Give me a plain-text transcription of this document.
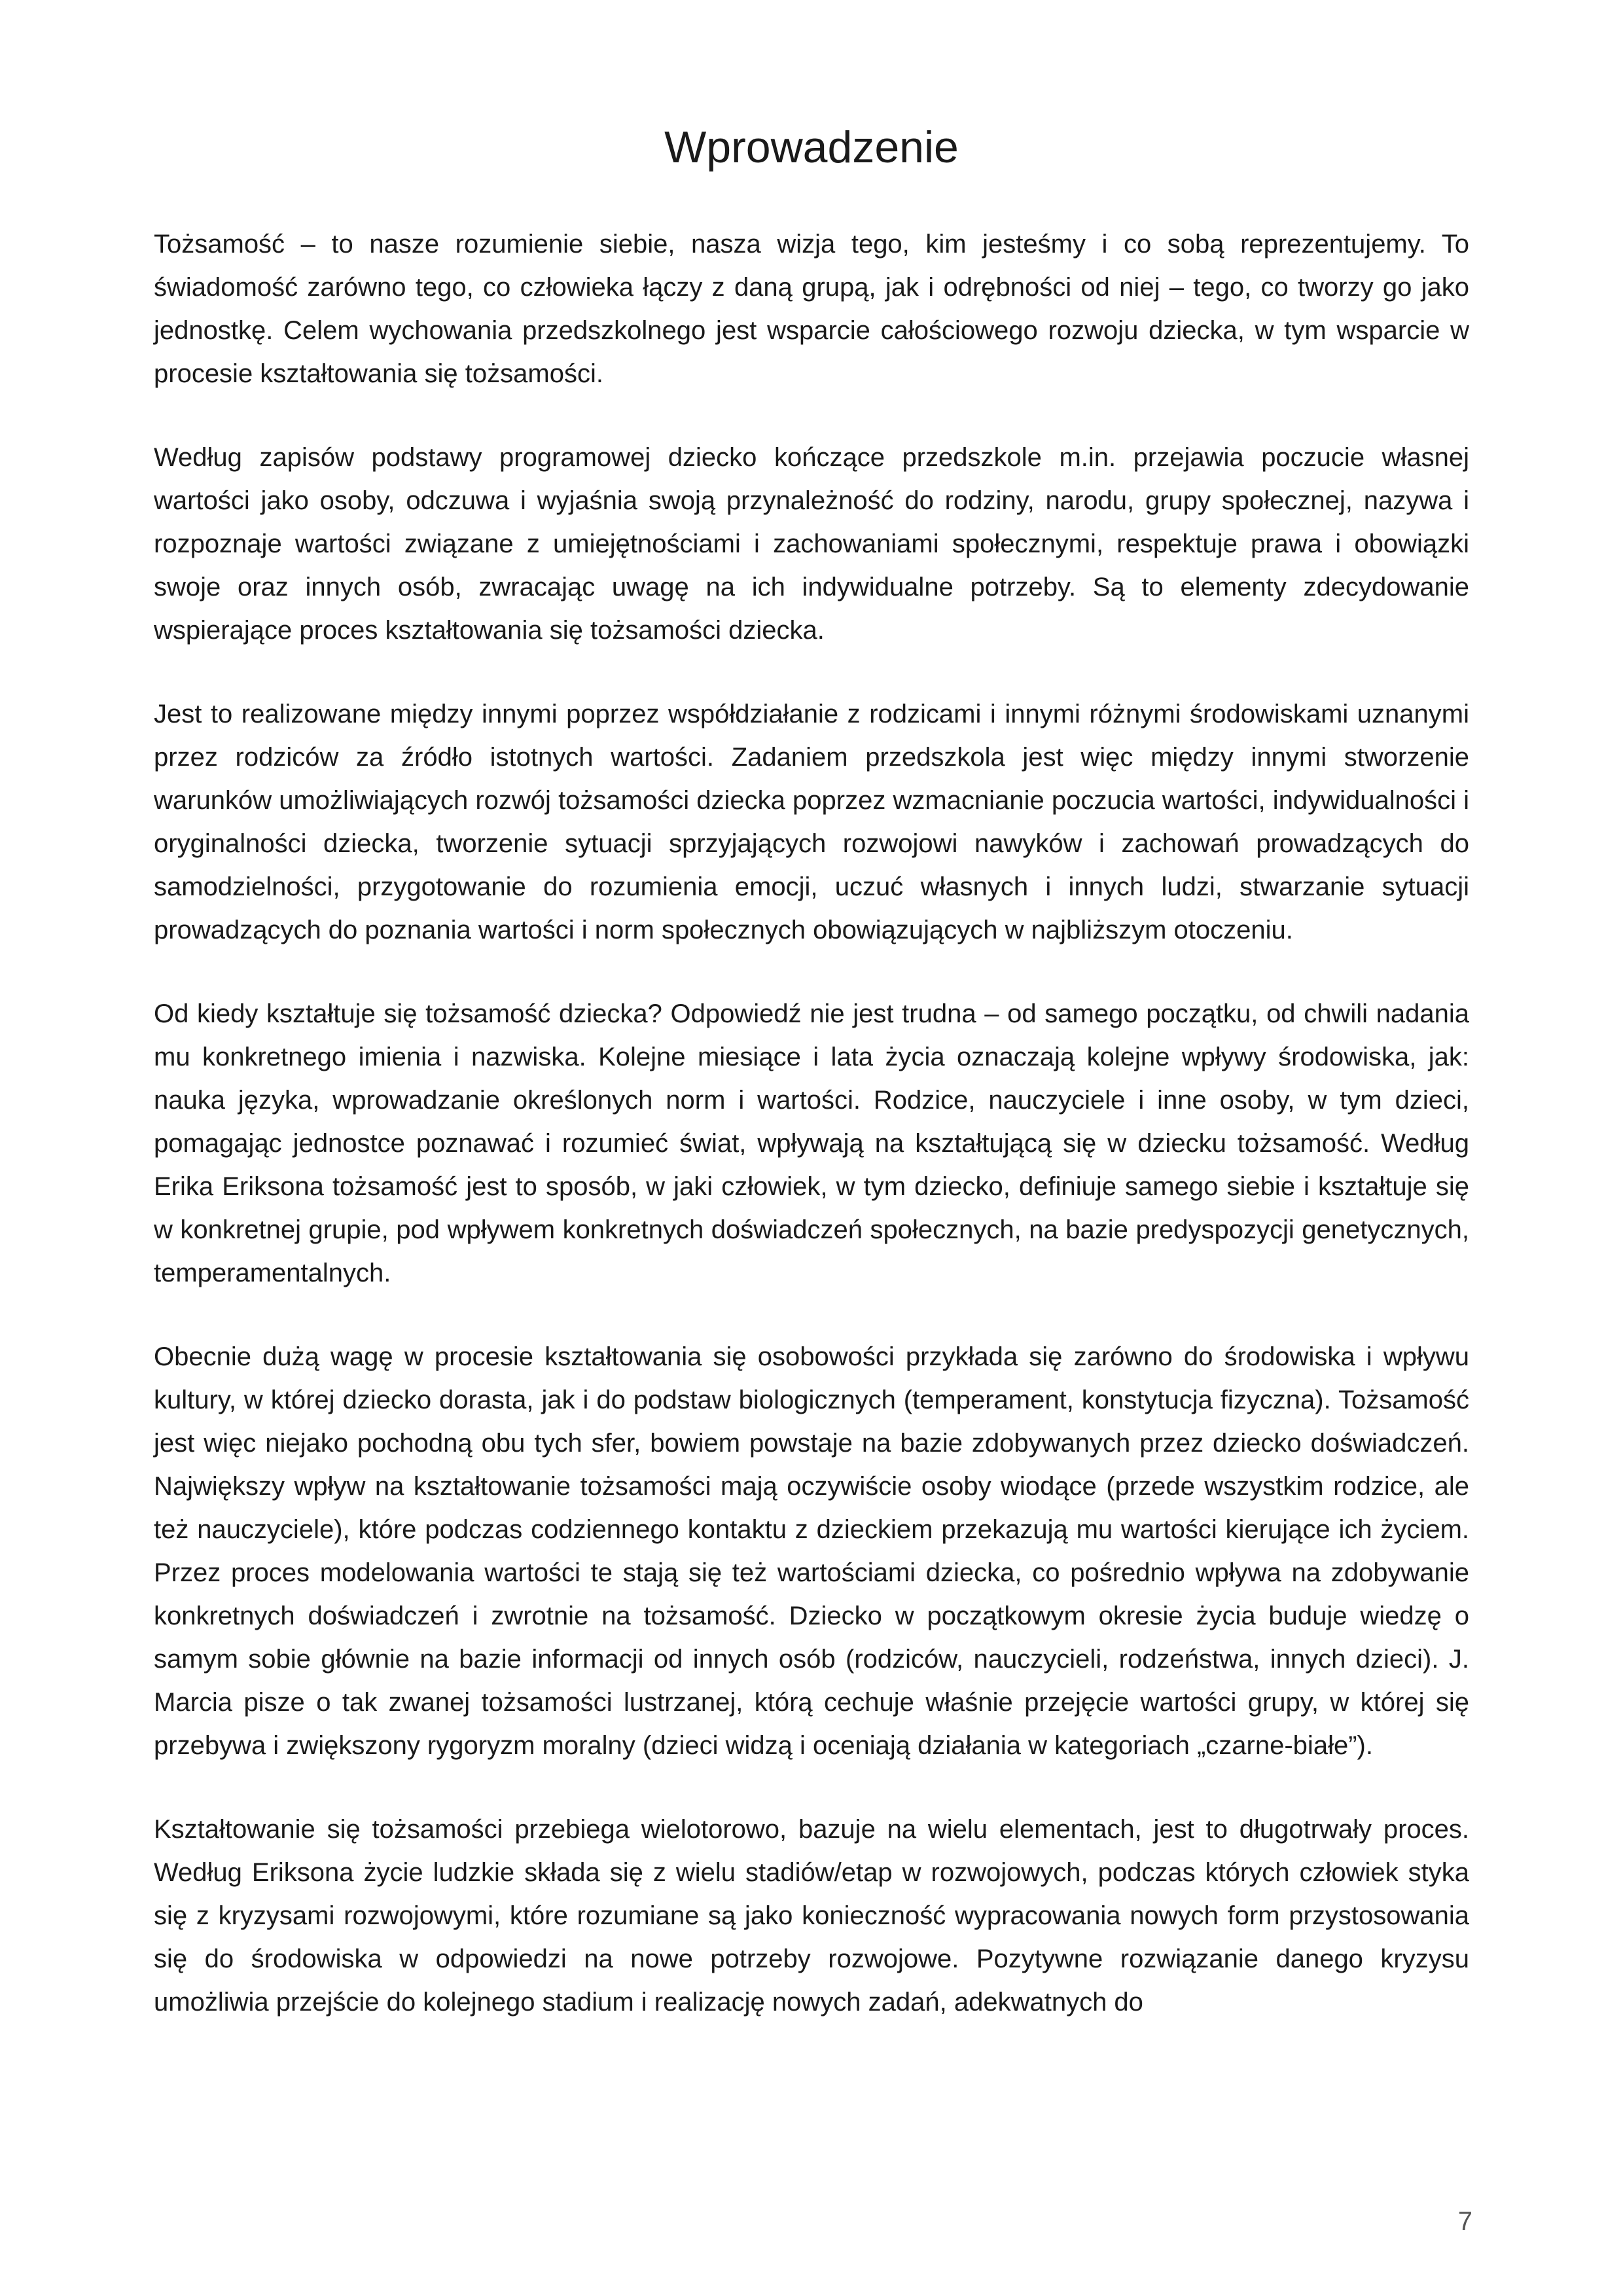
Wprowadzenie

Tożsamość – to nasze rozumienie siebie, nasza wizja tego, kim jesteśmy i co sobą reprezentujemy. To świadomość zarówno tego, co człowieka łączy z daną grupą, jak i odrębności od niej – tego, co tworzy go jako jednostkę. Celem wychowania przedszkolnego jest wsparcie całościowego rozwoju dziecka, w tym wsparcie w procesie kształtowania się tożsamości.

Według zapisów podstawy programowej dziecko kończące przedszkole m.in. przejawia poczucie własnej wartości jako osoby, odczuwa i wyjaśnia swoją przynależność do rodziny, narodu, grupy społecznej, nazywa i rozpoznaje wartości związane z umiejętnościami i zachowaniami społecznymi, respektuje prawa i obowiązki swoje oraz innych osób, zwracając uwagę na ich indywidualne potrzeby. Są to elementy zdecydowanie wspierające proces kształtowania się tożsamości dziecka.

Jest to realizowane między innymi poprzez współdziałanie z rodzicami i innymi różnymi środowiskami uznanymi przez rodziców za źródło istotnych wartości. Zadaniem przedszkola jest więc między innymi stworzenie warunków umożliwiających rozwój tożsamości dziecka poprzez wzmacnianie poczucia wartości, indywidualności i oryginalności dziecka, tworzenie sytuacji sprzyjających rozwojowi nawyków i zachowań prowadzących do samodzielności, przygotowanie do rozumienia emocji, uczuć własnych i innych ludzi, stwarzanie sytuacji prowadzących do poznania wartości i norm społecznych obowiązujących w najbliższym otoczeniu.

Od kiedy kształtuje się tożsamość dziecka? Odpowiedź nie jest trudna – od samego początku, od chwili nadania mu konkretnego imienia i nazwiska. Kolejne miesiące i lata życia oznaczają kolejne wpływy środowiska, jak: nauka języka, wprowadzanie określonych norm i wartości. Rodzice, nauczyciele i inne osoby, w tym dzieci, pomagając jednostce poznawać i rozumieć świat, wpływają na kształtującą się w dziecku tożsamość. Według Erika Eriksona tożsamość jest to sposób, w jaki człowiek, w tym dziecko, definiuje samego siebie i kształtuje się w konkretnej grupie, pod wpływem konkretnych doświadczeń społecznych, na bazie predyspozycji genetycznych, temperamentalnych.

Obecnie dużą wagę w procesie kształtowania się osobowości przykłada się zarówno do środowiska i wpływu kultury, w której dziecko dorasta, jak i do podstaw biologicznych (temperament, konstytucja fizyczna). Tożsamość jest więc niejako pochodną obu tych sfer, bowiem powstaje na bazie zdobywanych przez dziecko doświadczeń. Największy wpływ na kształtowanie tożsamości mają oczywiście osoby wiodące (przede wszystkim rodzice, ale też nauczyciele), które podczas codziennego kontaktu z dzieckiem przekazują mu wartości kierujące ich życiem. Przez proces modelowania wartości te stają się też wartościami dziecka, co pośrednio wpływa na zdobywanie konkretnych doświadczeń i zwrotnie na tożsamość. Dziecko w początkowym okresie życia buduje wiedzę o samym sobie głównie na bazie informacji od innych osób (rodziców, nauczycieli, rodzeństwa, innych dzieci). J. Marcia pisze o tak zwanej tożsamości lustrzanej, którą cechuje właśnie przejęcie wartości grupy, w której się przebywa i zwiększony rygoryzm moralny (dzieci widzą i oceniają działania w kategoriach „czarne-białe”).

Kształtowanie się tożsamości przebiega wielotorowo, bazuje na wielu elementach, jest to długotrwały proces. Według Eriksona życie ludzkie składa się z wielu stadiów/etap w rozwojowych, podczas których człowiek styka się z kryzysami rozwojowymi, które rozumiane są jako konieczność wypracowania nowych form przystosowania się do środowiska w odpowiedzi na nowe potrzeby rozwojowe. Pozytywne rozwiązanie danego kryzysu umożliwia przejście do kolejnego stadium i realizację nowych zadań, adekwatnych do

7
